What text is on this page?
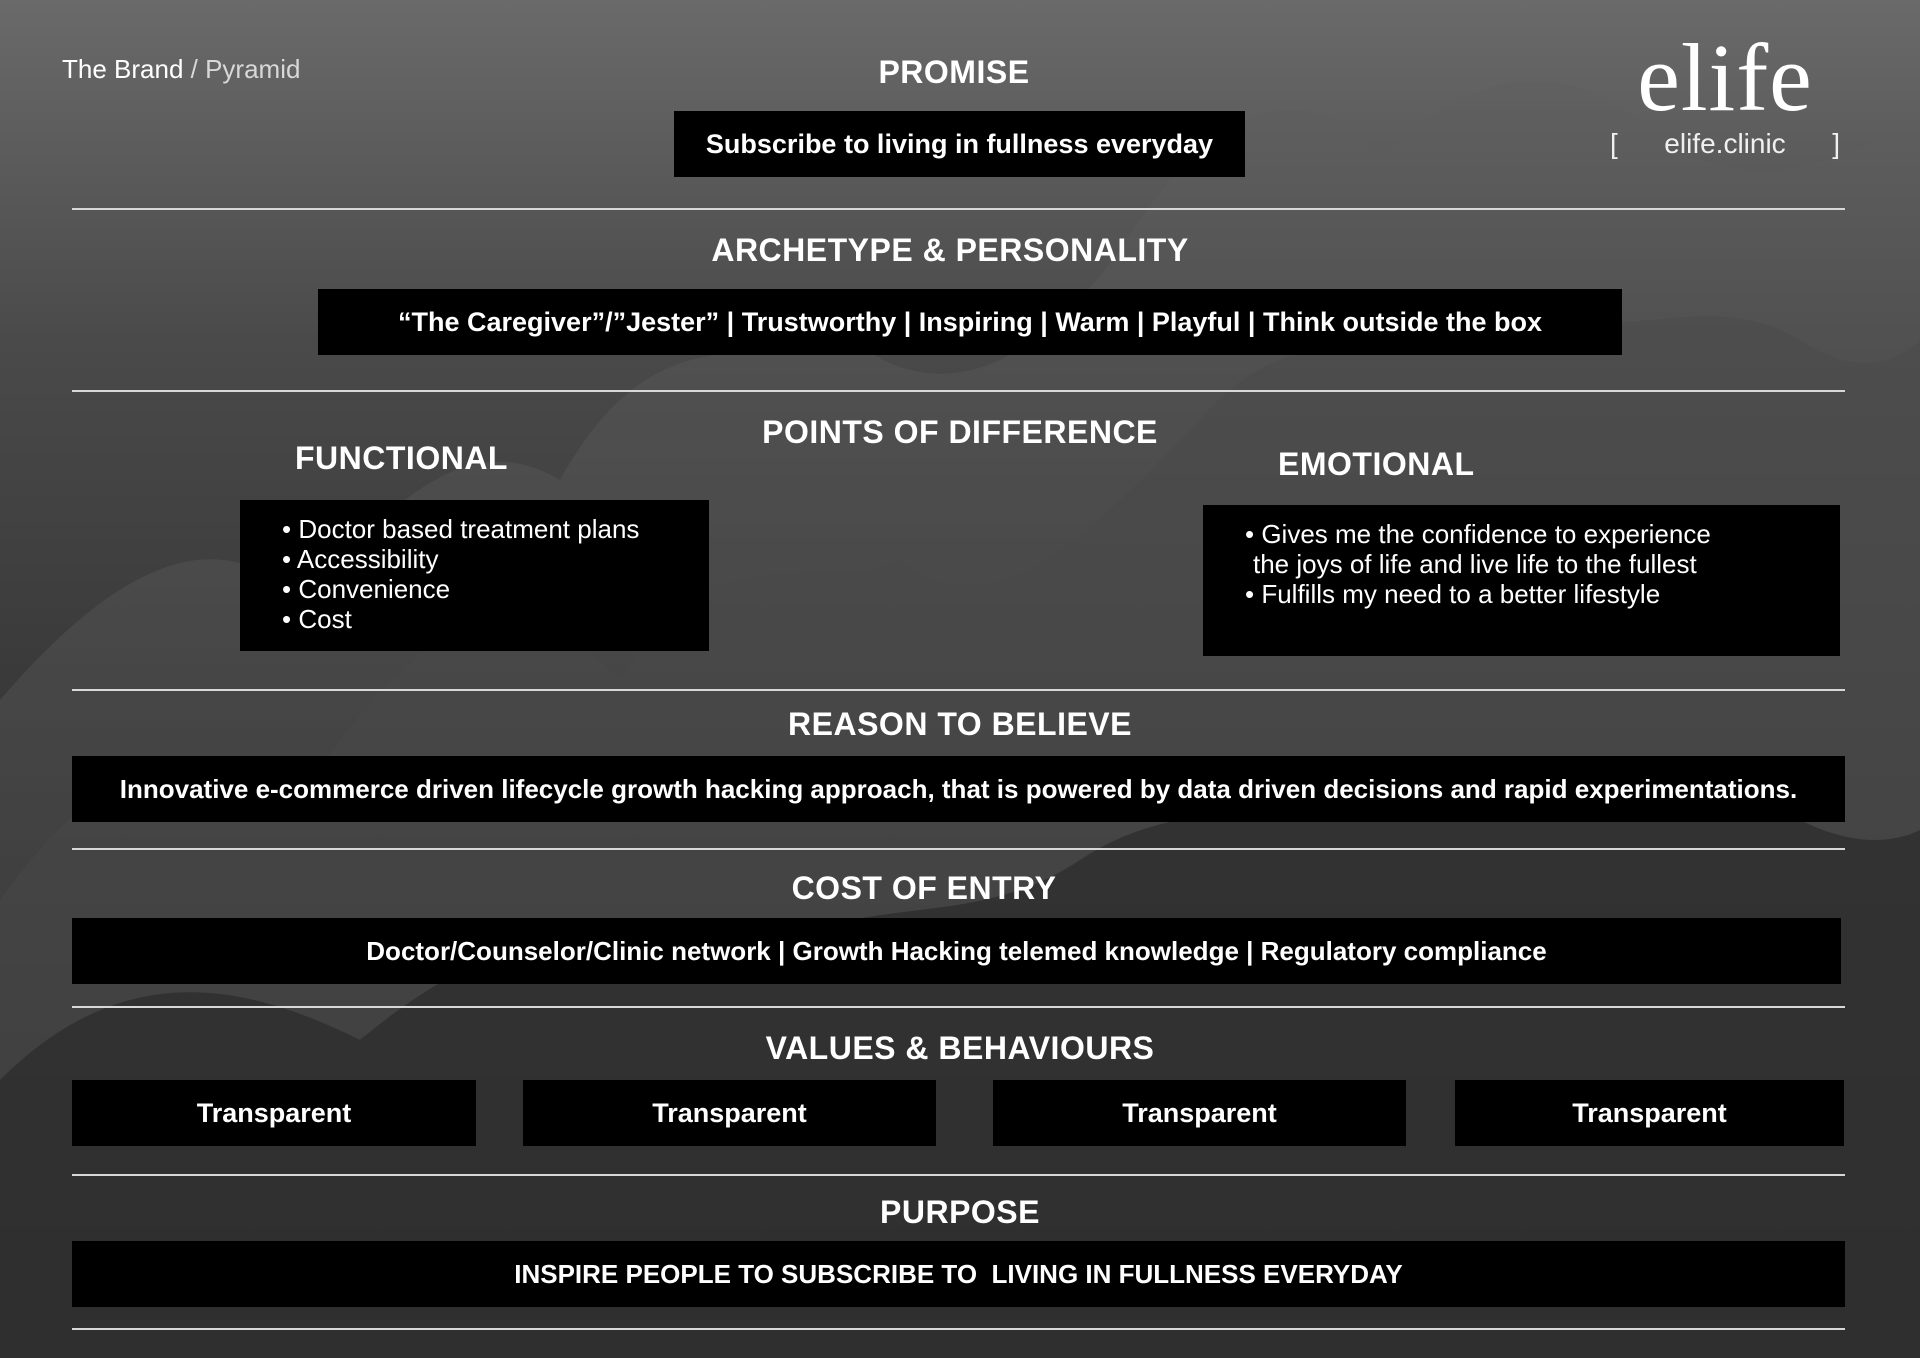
The Brand / Pyramid	elife
[ elife.clinic ]
PROMISE
Subscribe to living in fullness everyday
ARCHETYPE & PERSONALITY
“The Caregiver”/”Jester” | Trustworthy | Inspiring | Warm | Playful | Think outside the box
POINTS OF DIFFERENCE
FUNCTIONAL
• Doctor based treatment plans
• Accessibility
• Convenience
• Cost
EMOTIONAL
• Gives me the confidence to experience
the joys of life and live life to the fullest
• Fulfills my need to a better lifestyle
REASON TO BELIEVE
Innovative e-commerce driven lifecycle growth hacking approach, that is powered by data driven decisions and rapid experimentations.
COST OF ENTRY
Doctor/Counselor/Clinic network | Growth Hacking telemed knowledge | Regulatory compliance
VALUES & BEHAVIOURS
Transparent	Transparent	Transparent	Transparent
PURPOSE
INSPIRE PEOPLE TO SUBSCRIBE TO  LIVING IN FULLNESS EVERYDAY
